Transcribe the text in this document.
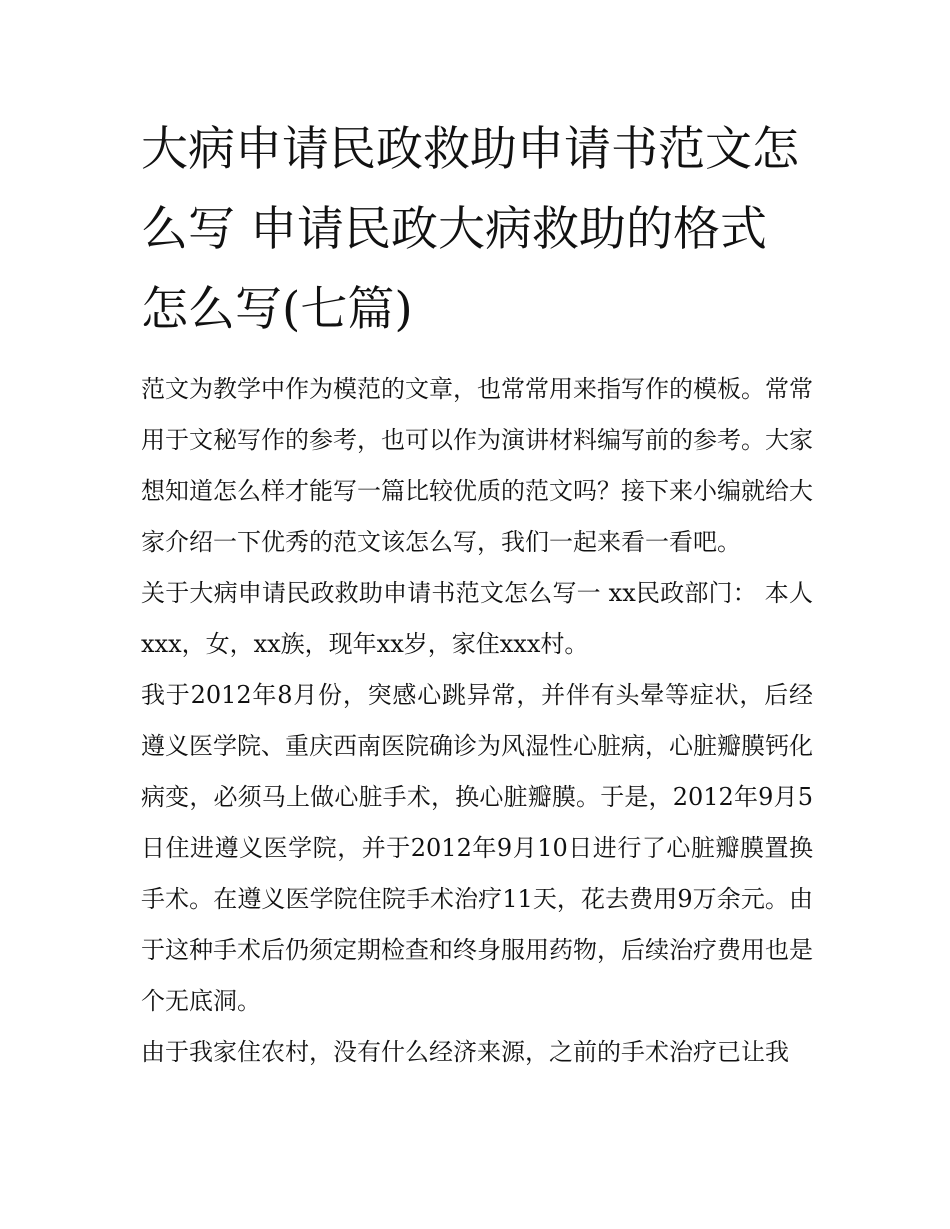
大病申请民政救助申请书范文怎么写 申请民政大病救助的格式怎么写(七篇)

范文为教学中作为模范的文章，也常常用来指写作的模板。常常用于文秘写作的参考，也可以作为演讲材料编写前的参考。大家想知道怎么样才能写一篇比较优质的范文吗？接下来小编就给大家介绍一下优秀的范文该怎么写，我们一起来看一看吧。

关于大病申请民政救助申请书范文怎么写一 xx民政部门： 本人xxx，女，xx族，现年xx岁，家住xxx村。

我于2012年8月份，突感心跳异常，并伴有头晕等症状，后经遵义医学院、重庆西南医院确诊为风湿性心脏病，心脏瓣膜钙化病变，必须马上做心脏手术，换心脏瓣膜。于是，2012年9月5日住进遵义医学院，并于2012年9月10日进行了心脏瓣膜置换手术。在遵义医学院住院手术治疗11天，花去费用9万余元。由于这种手术后仍须定期检查和终身服用药物，后续治疗费用也是个无底洞。

由于我家住农村，没有什么经济来源，之前的手术治疗已让我
